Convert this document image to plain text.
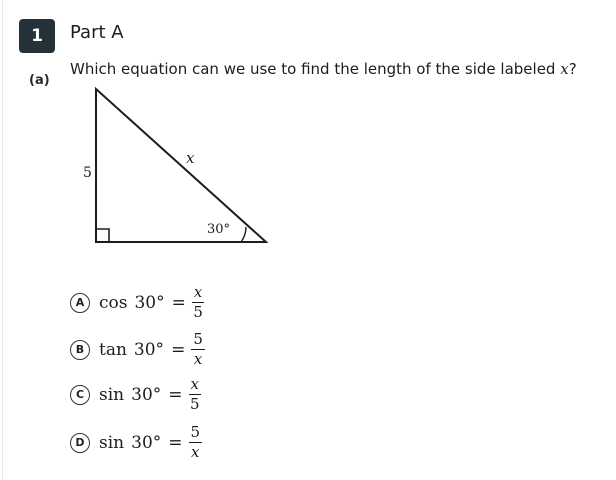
1	Part A
(a)
Which equation can we use to find the length of the side labeled x?
5
x
30°
A $\cos 30^\circ = \frac{x}{5}$
B $\tan 30^\circ = \frac{5}{x}$
C $\sin 30^\circ = \frac{x}{5}$
D $\sin 30^\circ = \frac{5}{x}$
